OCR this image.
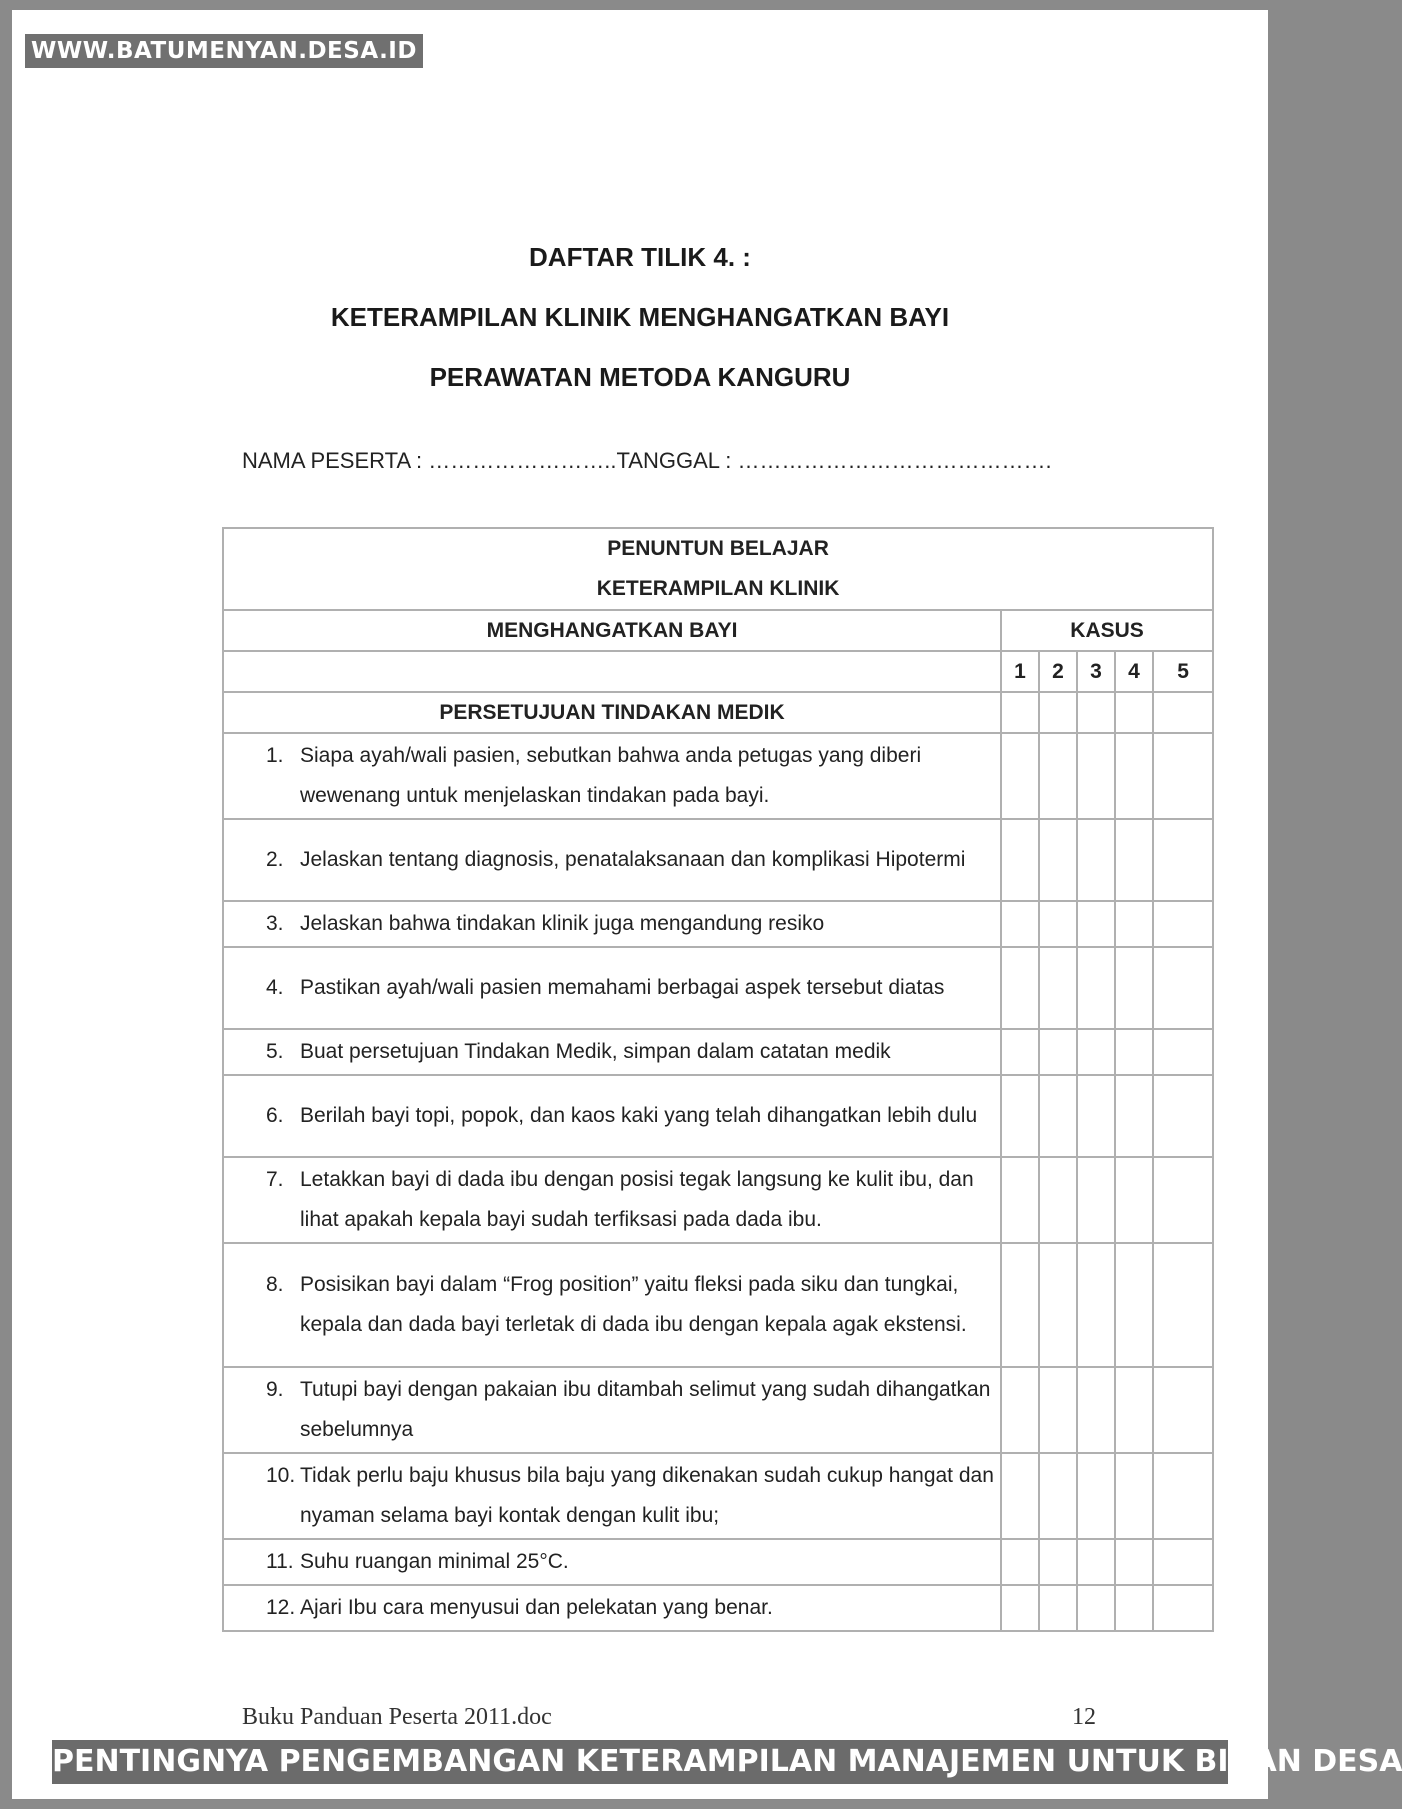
WWW.BATUMENYAN.DESA.ID
DAFTAR TILIK 4. :
KETERAMPILAN KLINIK MENGHANGATKAN BAYI
PERAWATAN METODA KANGURU
NAMA PESERTA : ……………………..TANGGAL : …………………………………….
PENUNTUN BELAJAR
KETERAMPILAN KLINIK					

MENGHANGATKAN BAYI	KASUS				
	1	2	3	4	5
PERSETUJUAN TINDAKAN MEDIK					

1. Siapa ayah/wali pasien, sebutkan bahwa anda petugas yang diberi wewenang untuk menjelaskan tindakan pada bayi.					

2. Jelaskan tentang diagnosis, penatalaksanaan dan komplikasi Hipotermi					

3. Jelaskan bahwa tindakan klinik juga mengandung resiko					

4. Pastikan ayah/wali pasien memahami berbagai aspek tersebut diatas					

5. Buat persetujuan Tindakan Medik, simpan dalam catatan medik					

6. Berilah bayi topi, popok, dan kaos kaki yang telah dihangatkan lebih dulu					

7. Letakkan bayi di dada ibu dengan posisi tegak langsung ke kulit ibu, dan lihat apakah kepala bayi sudah terfiksasi pada dada ibu.					

8. Posisikan bayi dalam “Frog position” yaitu fleksi pada siku dan tungkai, kepala dan dada bayi terletak di dada ibu dengan kepala agak ekstensi.					

9. Tutupi bayi dengan pakaian ibu ditambah selimut yang sudah dihangatkan sebelumnya					

10. Tidak perlu baju khusus bila baju yang dikenakan sudah cukup hangat dan nyaman selama bayi kontak dengan kulit ibu;					

11. Suhu ruangan minimal 25°C.					

12. Ajari Ibu cara menyusui dan pelekatan yang benar.					

Buku Panduan Peserta 2011.doc	12
PENTINGNYA PENGEMBANGAN KETERAMPILAN MANAJEMEN UNTUK BIDAN DESA
